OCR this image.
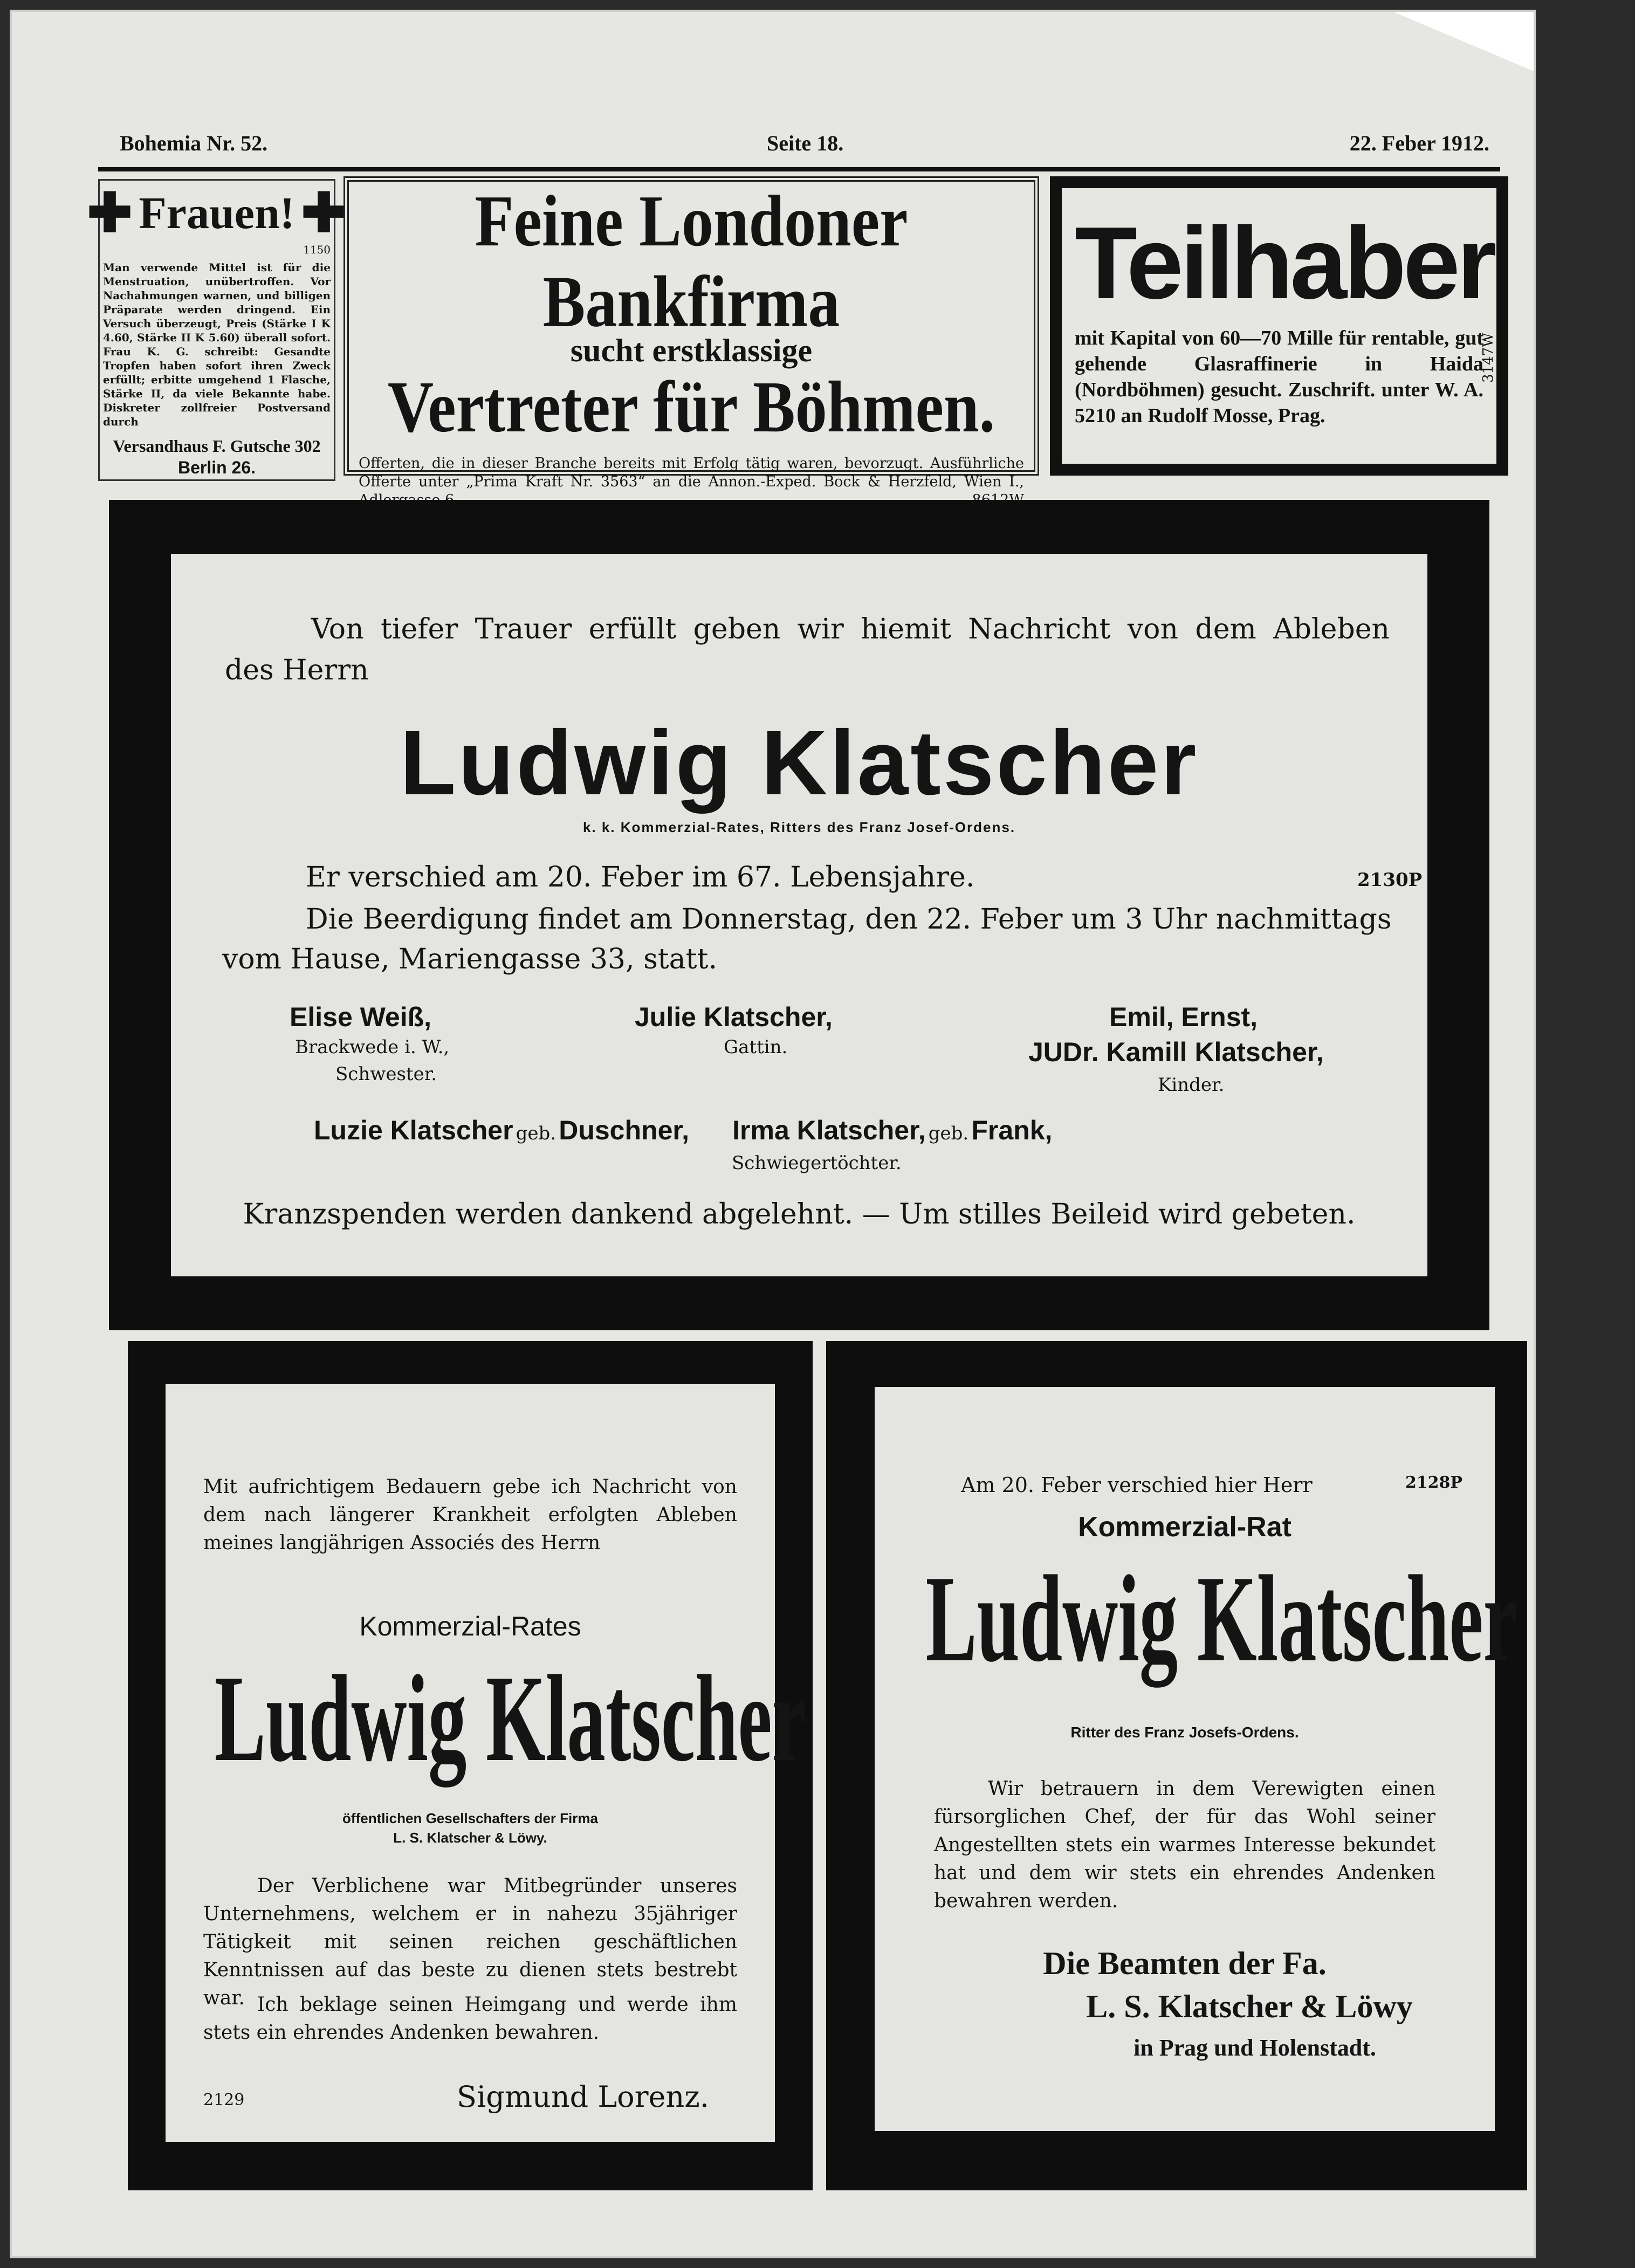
Bohemia Nr. 52.	Seite 18.	22. Feber 1912.
✚ Frauen! ✚
1150
Man verwende Mittel ist für die Menstruation, unübertroffen. Vor Nachahmungen warnen, und billigen Präparate werden dringend. Ein Versuch überzeugt, Preis (Stärke I K 4.60, Stärke II K 5.60) überall sofort. Frau K. G. schreibt: Gesandte Tropfen haben sofort ihren Zweck erfüllt; erbitte umgehend 1 Flasche, Stärke II, da viele Bekannte habe. Diskreter zollfreier Postversand durch
Versandhaus F. Gutsche 302
Berlin 26.
Feine Londoner Bankfirma
sucht erstklassige
Vertreter für Böhmen.
Offerten, die in dieser Branche bereits mit Erfolg tätig waren, bevorzugt. Ausführliche Offerte unter „Prima Kraft Nr. 3563“ an die Annon.-Exped. Bock & Herzfeld, Wien I.,
Teilhaber
mit Kapital von 60—70 Mille für rentable, gut gehende Glasraffinerie in Haida (Nordböhmen) gesucht. Zuschrift. unter W. A. 5210 an Rudolf Mosse, Prag.
3147W
Von tiefer Trauer erfüllt geben wir hiemit Nachricht von dem Ableben
des Herrn
Ludwig Klatscher
k. k. Kommerzial-Rates, Ritters des Franz Josef-Ordens.
Er verschied am 20. Feber im 67. Lebensjahre.	2130P
Die Beerdigung findet am Donnerstag, den 22. Feber um 3 Uhr nachmittags
vom Hause, Mariengasse 33, statt.
Elise Weiß,
Brackwede i. W.,
Schwester.
Julie Klatscher,
Gattin.
Emil, Ernst,
JUDr. Kamill Klatscher,
Kinder.
Luzie Klatscher geb. Duschner, Irma Klatscher, geb. Frank,
Schwiegertöchter.
Kranzspenden werden dankend abgelehnt. — Um stilles Beileid wird gebeten.
Mit aufrichtigem Bedauern gebe ich Nachricht von dem nach längerer Krankheit erfolgten Ableben meines langjährigen Associés des Herrn
Kommerzial-Rates
Ludwig Klatscher
öffentlichen Gesellschafters der Firma
L. S. Klatscher & Löwy.
Der Verblichene war Mitbegründer unseres Unternehmens, welchem er in nahezu 35jähriger Tätigkeit mit seinen reichen geschäftlichen Kenntnissen auf das beste zu dienen stets bestrebt war. Ich beklage seinen Heimgang und werde ihm stets ein ehrendes Andenken bewahren.
2129	Sigmund Lorenz.
Am 20. Feber verschied hier Herr	2128P
Kommerzial-Rat
Ludwig Klatscher
Ritter des Franz Josefs-Ordens.
Wir betrauern in dem Verewigten einen fürsorglichen Chef, der für das Wohl seiner Angestellten stets ein warmes Interesse bekundet hat und dem wir stets ein ehrendes Andenken bewahren werden.
Die Beamten der Fa.
L. S. Klatscher & Löwy
in Prag und Holenstadt.
